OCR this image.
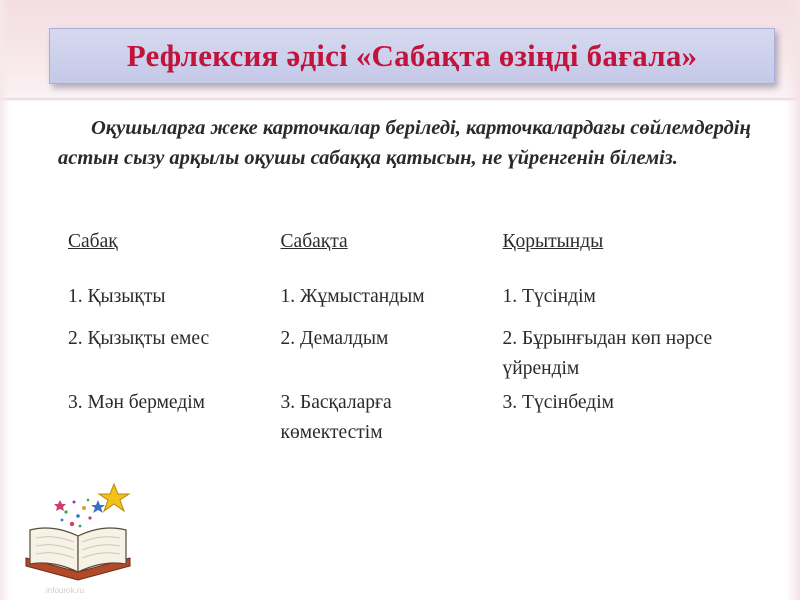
Рефлексия әдісі «Сабақта өзіңді бағала»
Оқушыларға жеке карточкалар беріледі, карточкалардағы сөйлемдердің астын сызу арқылы оқушы сабаққа қатысын, не үйренгенін білеміз.
Сабақ	Сабақта	Қорытынды
1. Қызықты	1. Жұмыстандым	1. Түсіндім
2. Қызықты емес	2. Демалдым	2. Бұрынғыдан көп нәрсе үйрендім
3. Мән бермедім	3. Басқаларға көмектестім	3. Түсінбедім
infourok.ru
